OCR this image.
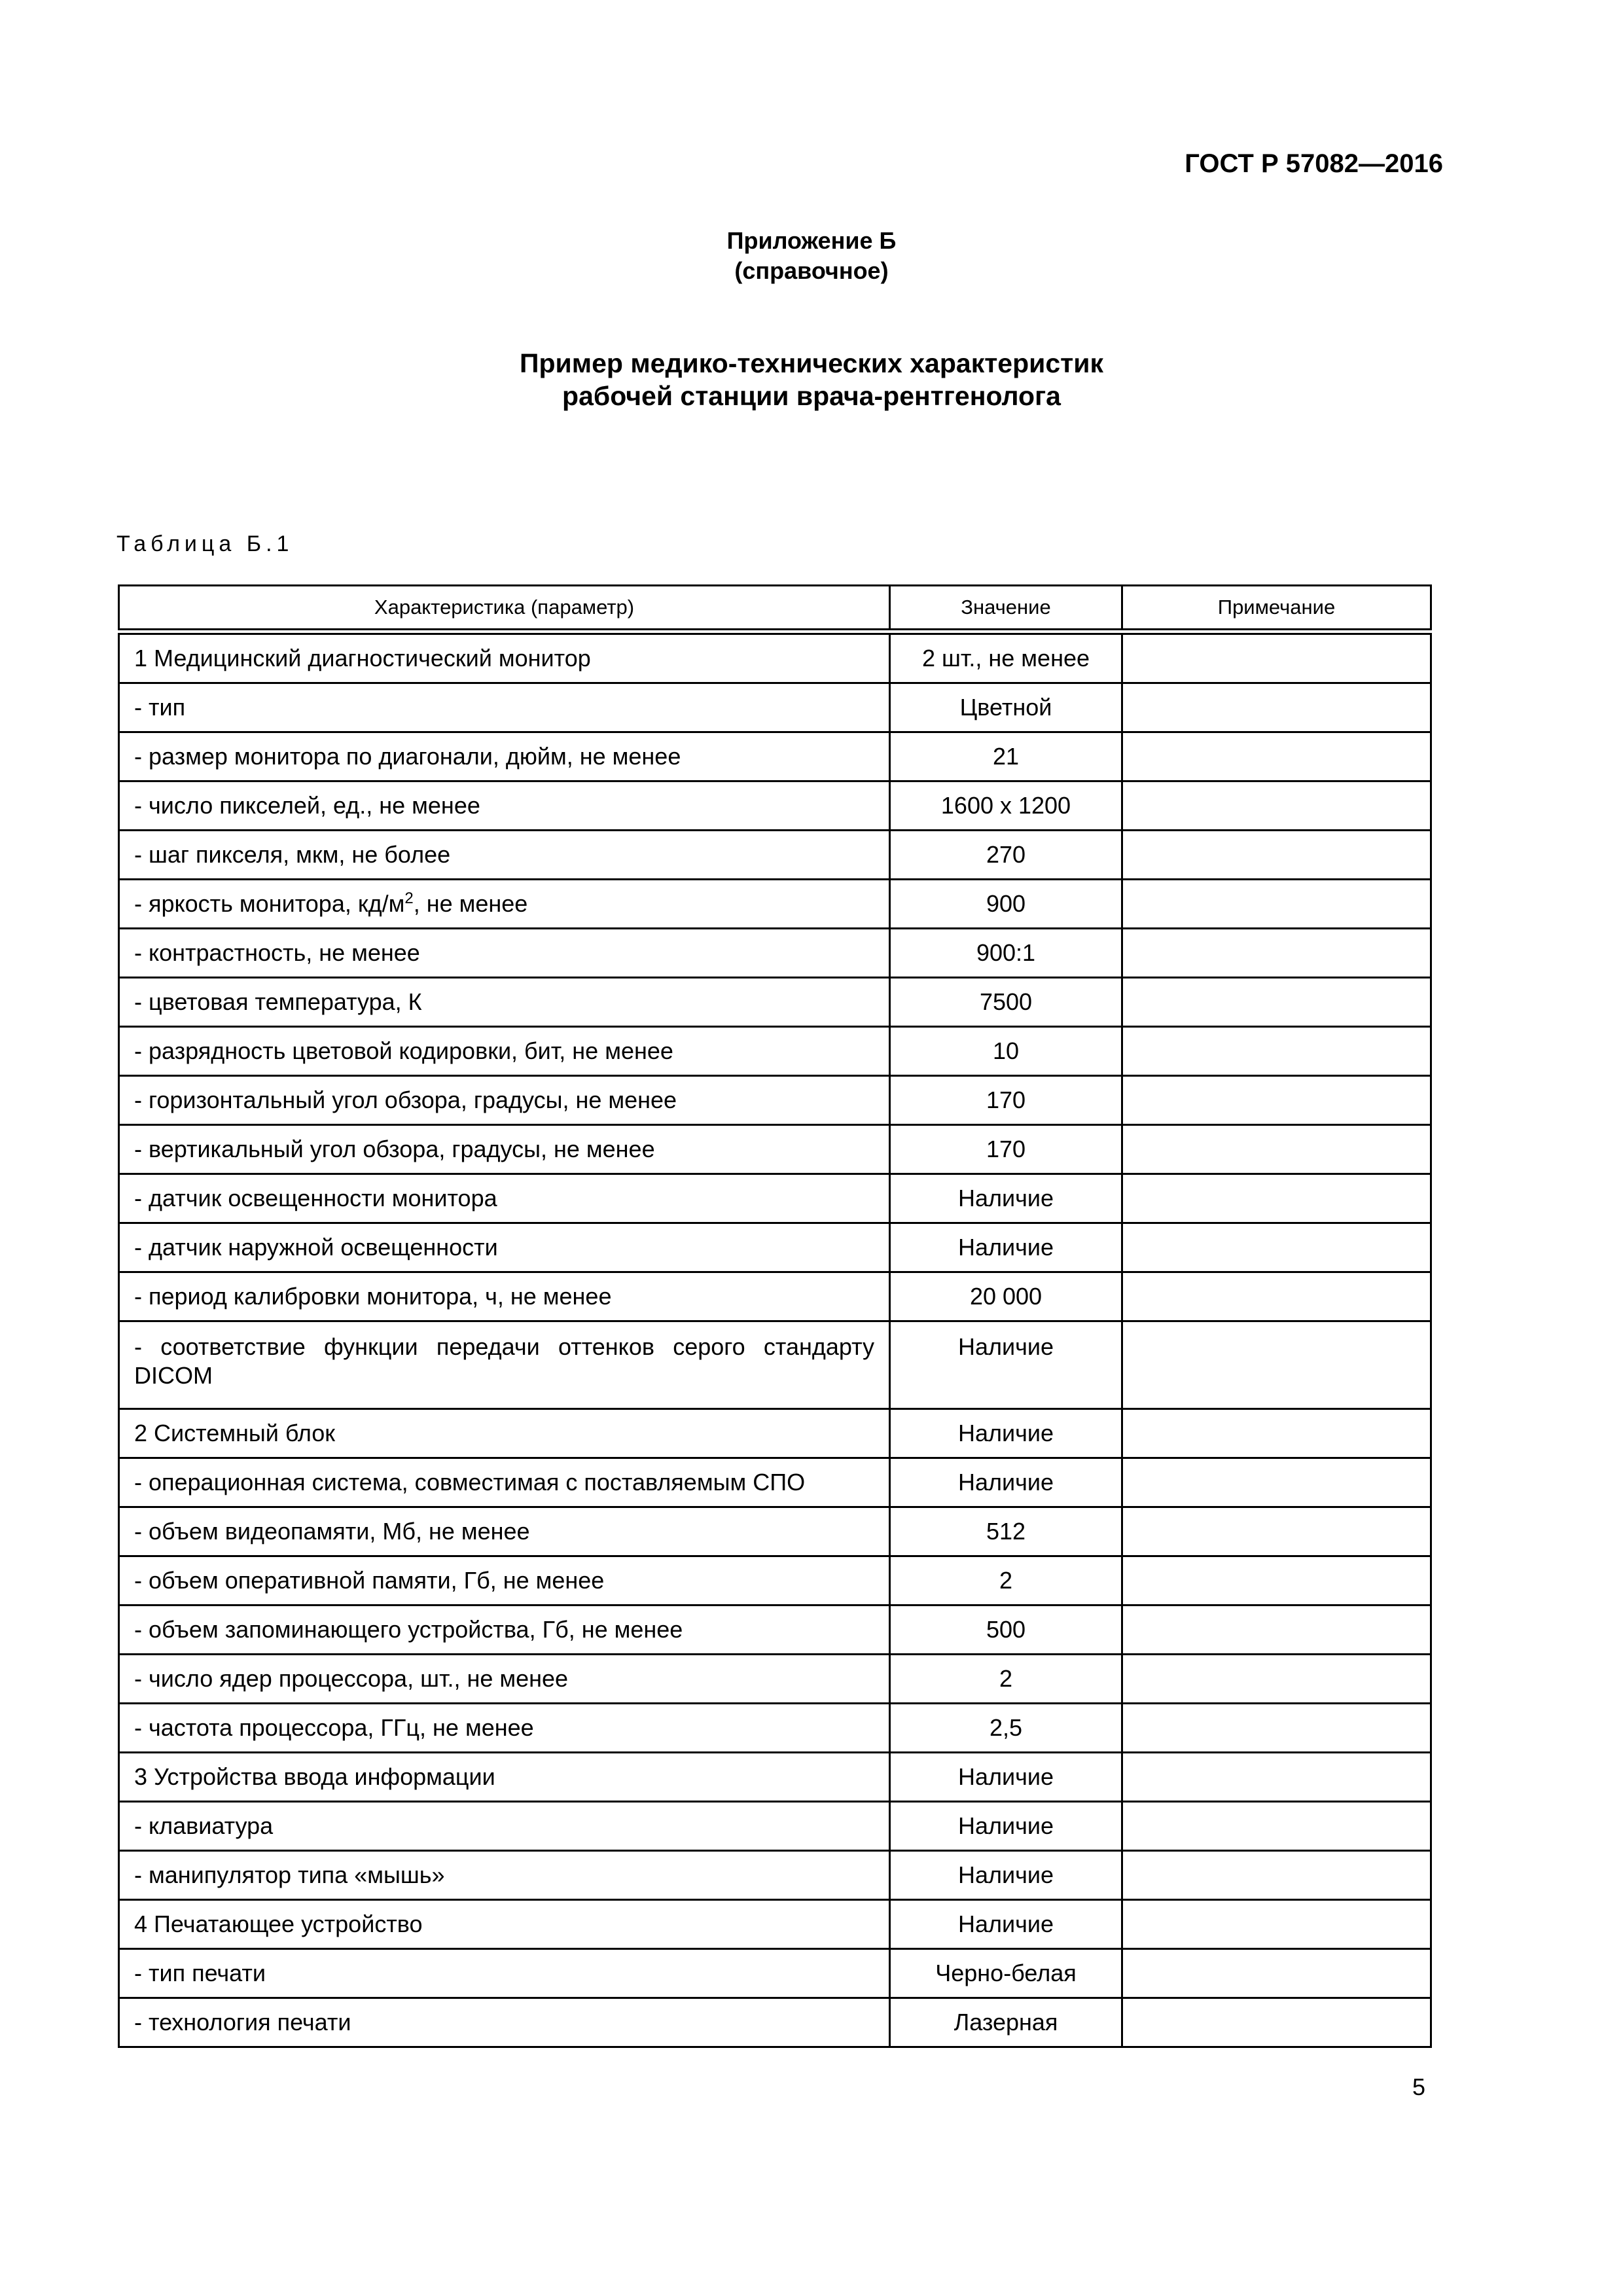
ГОСТ Р 57082—2016
Приложение Б
(справочное)
Пример медико-технических характеристик
рабочей станции врача-рентгенолога
Таблица Б.1
Характеристика (параметр)	Значение	Примечание
1 Медицинский диагностический монитор	2 шт., не менее	
- тип	Цветной	
- размер монитора по диагонали, дюйм, не менее	21	
- число пикселей, ед., не менее	1600 x 1200	
- шаг пикселя, мкм, не более	270	
- яркость монитора, $кд/м^2$, не менее	900	
- контрастность, не менее	900:1	
- цветовая температура, К	7500	
- разрядность цветовой кодировки, бит, не менее	10	
- горизонтальный угол обзора, градусы, не менее	170	
- вертикальный угол обзора, градусы, не менее	170	
- датчик освещенности монитора	Наличие	
- датчик наружной освещенности	Наличие	
- период калибровки монитора, ч, не менее	20 000	
- соответствие функции передачи оттенков серого стандарту DICOM	Наличие	
2 Системный блок	Наличие	
- операционная система, совместимая с поставляемым СПО	Наличие	
- объем видеопамяти, Мб, не менее	512	
- объем оперативной памяти, Гб, не менее	2	
- объем запоминающего устройства, Гб, не менее	500	
- число ядер процессора, шт., не менее	2	
- частота процессора, ГГц, не менее	2,5	
3 Устройства ввода информации	Наличие	
- клавиатура	Наличие	
- манипулятор типа «мышь»	Наличие	
4 Печатающее устройство	Наличие	
- тип печати	Черно-белая	
- технология печати	Лазерная	
5
